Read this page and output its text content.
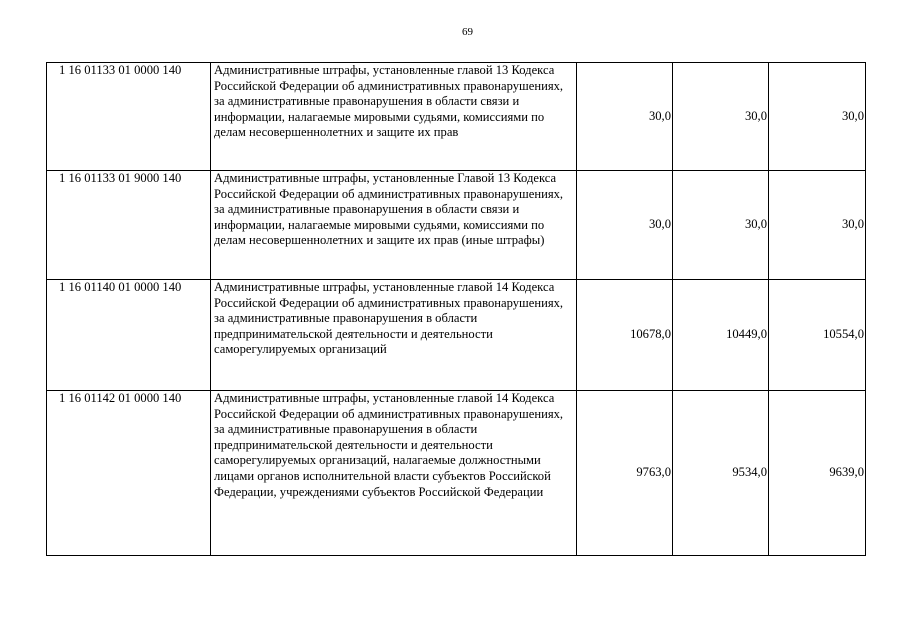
69
1 16 01133 01 0000 140	Административные штрафы, установленные главой 13 Кодекса Российской Федерации об административных правонарушениях, за административные правонарушения в области связи и информации, налагаемые мировыми судьями, комиссиями по делам несовершеннолетних и защите их прав	30,0	30,0	30,0
1 16 01133 01 9000 140	Административные штрафы, установленные Главой 13 Кодекса Российской Федерации об административных правонарушениях, за административные правонарушения в области связи и информации, налагаемые мировыми судьями, комиссиями по делам несовершеннолетних и защите их прав (иные штрафы)	30,0	30,0	30,0
1 16 01140 01 0000 140	Административные штрафы, установленные главой 14 Кодекса Российской Федерации об административных правонарушениях, за административные правонарушения в области предпринимательской деятельности и деятельности саморегулируемых организаций	10678,0	10449,0	10554,0
1 16 01142 01 0000 140	Административные штрафы, установленные главой 14 Кодекса Российской Федерации об административных правонарушениях, за административные правонарушения в области предпринимательской деятельности и деятельности саморегулируемых организаций, налагаемые должностными лицами органов исполнительной власти субъектов Российской Федерации, учреждениями субъектов Российской Федерации	9763,0	9534,0	9639,0
